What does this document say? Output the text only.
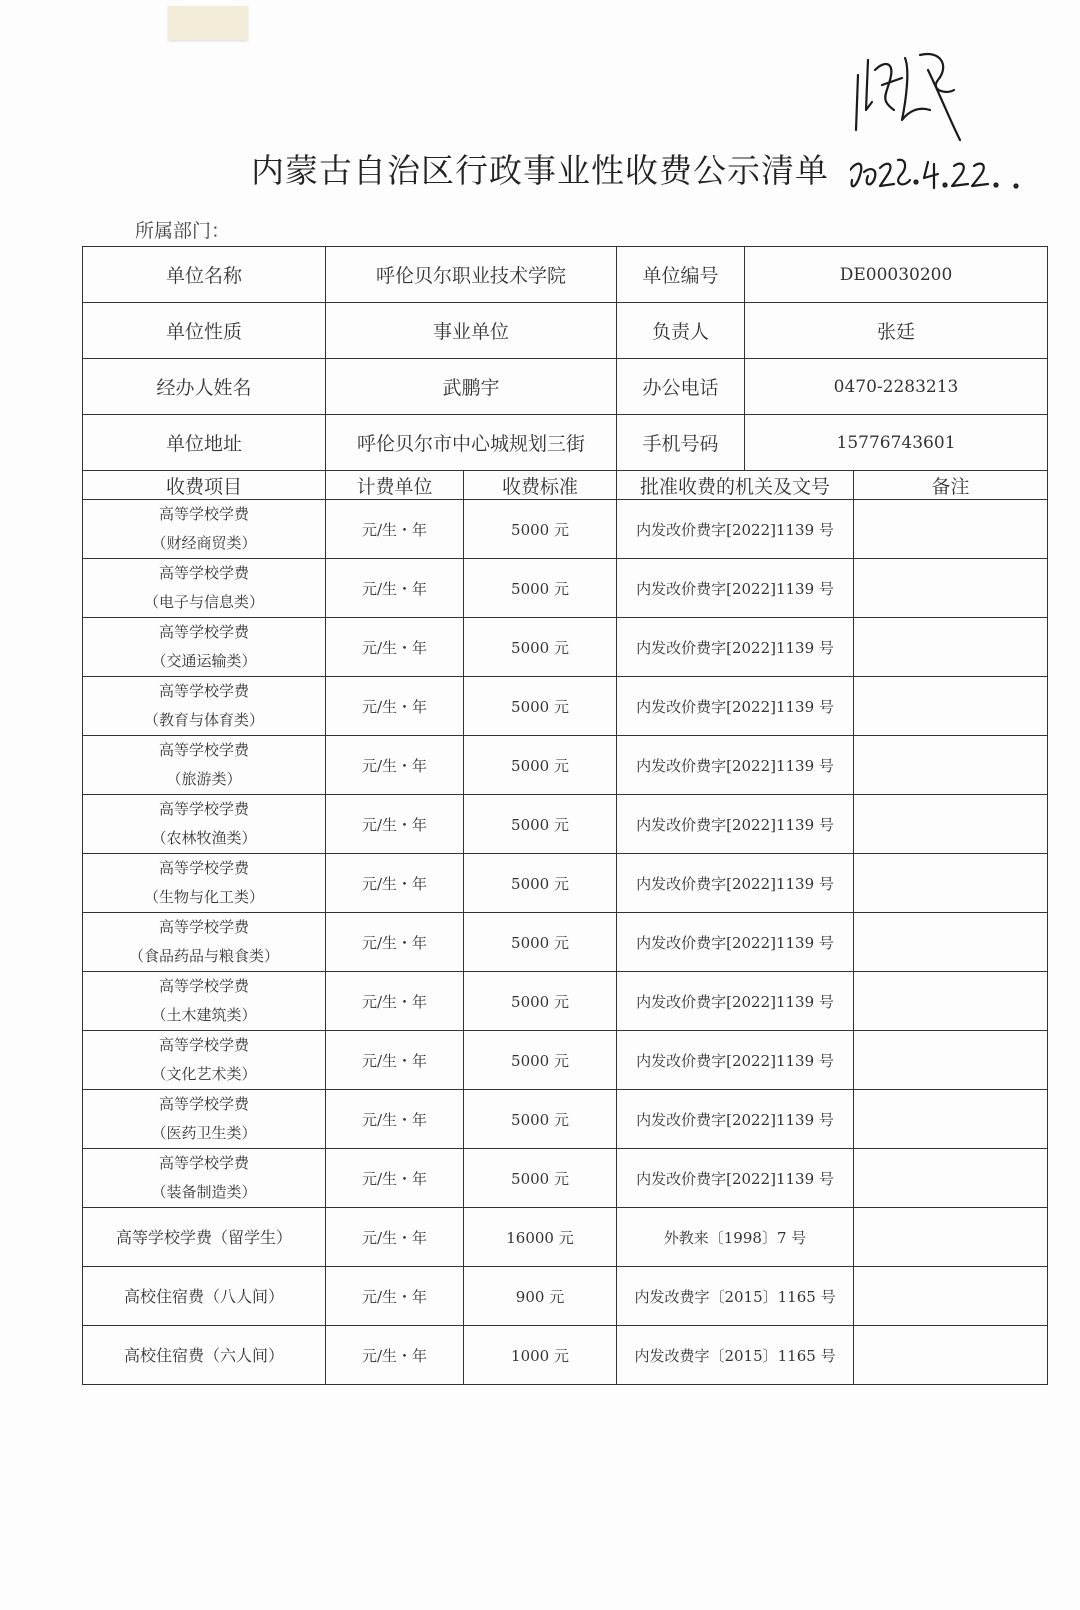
内蒙古自治区行政事业性收费公示清单
所属部门：
单位名称	呼伦贝尔职业技术学院		单位编号	DE00030200	
单位性质	事业单位		负责人	张廷	
经办人姓名	武鹏宇		办公电话	0470-2283213	
单位地址	呼伦贝尔市中心城规划三街		手机号码	15776743601	
收费项目	计费单位	收费标准	批准收费的机关及文号		备注

高等学校学费
（财经商贸类）	元/生・年	5000 元	内发改价费字[2022]1139 号		

高等学校学费
（电子与信息类）	元/生・年	5000 元	内发改价费字[2022]1139 号		

高等学校学费
（交通运输类）	元/生・年	5000 元	内发改价费字[2022]1139 号		

高等学校学费
（教育与体育类）	元/生・年	5000 元	内发改价费字[2022]1139 号		

高等学校学费
（旅游类）	元/生・年	5000 元	内发改价费字[2022]1139 号		

高等学校学费
（农林牧渔类）	元/生・年	5000 元	内发改价费字[2022]1139 号		

高等学校学费
（生物与化工类）	元/生・年	5000 元	内发改价费字[2022]1139 号		

高等学校学费
（食品药品与粮食类）	元/生・年	5000 元	内发改价费字[2022]1139 号		

高等学校学费
（土木建筑类）	元/生・年	5000 元	内发改价费字[2022]1139 号		

高等学校学费
（文化艺术类）	元/生・年	5000 元	内发改价费字[2022]1139 号		

高等学校学费
（医药卫生类）	元/生・年	5000 元	内发改价费字[2022]1139 号		

高等学校学费
（装备制造类）	元/生・年	5000 元	内发改价费字[2022]1139 号		

高等学校学费（留学生）	元/生・年	16000 元	外教来〔1998〕7 号		

高校住宿费（八人间）	元/生・年	900 元	内发改费字〔2015〕1165 号		

高校住宿费（六人间）	元/生・年	1000 元	内发改费字〔2015〕1165 号		
